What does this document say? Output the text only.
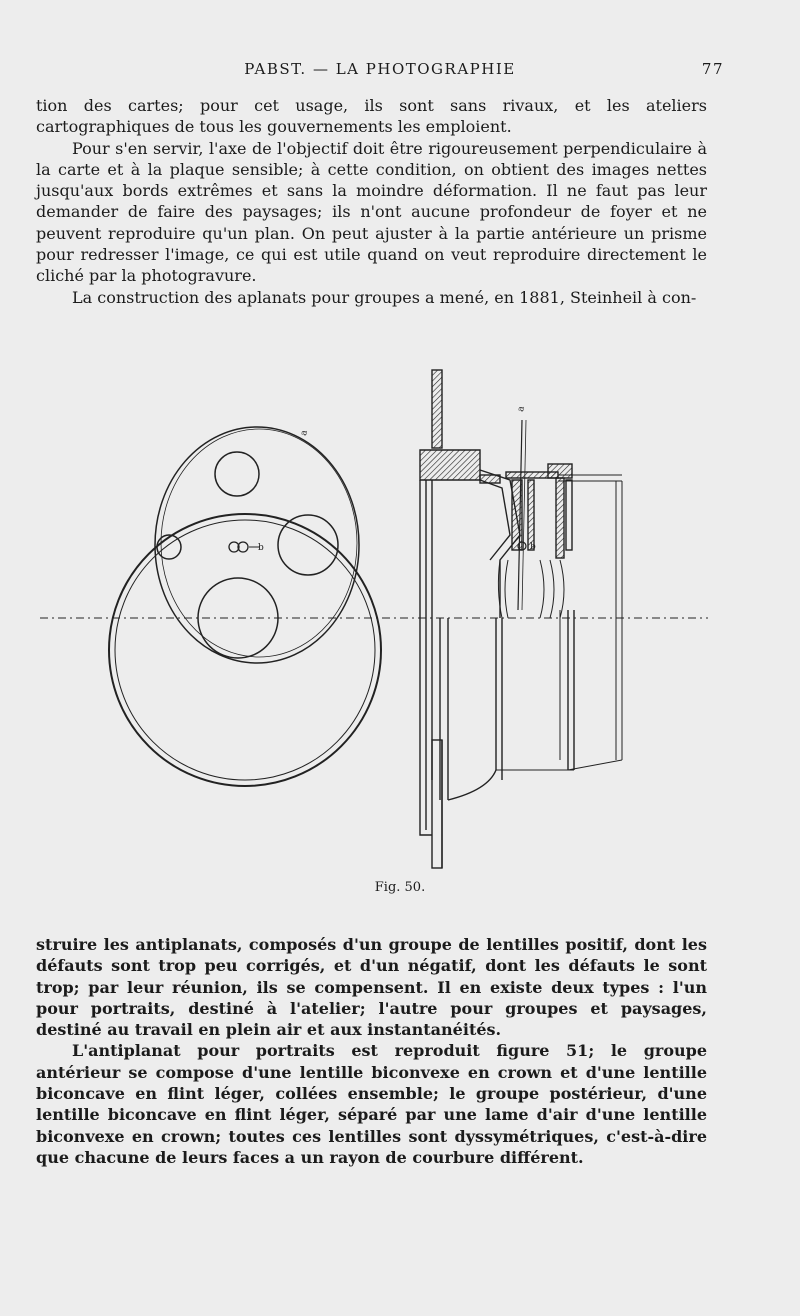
PABST. — LA PHOTOGRAPHIE	77

tion des cartes; pour cet usage, ils sont sans rivaux, et les ateliers cartographiques de tous les gouvernements les emploient.

Pour s'en servir, l'axe de l'objectif doit être rigoureusement perpendiculaire à la carte et à la plaque sensible; à cette condition, on obtient des images nettes jusqu'aux bords extrêmes et sans la moindre déformation. Il ne faut pas leur demander de faire des paysages; ils n'ont aucune profondeur de foyer et ne peuvent reproduire qu'un plan. On peut ajuster à la partie antérieure un prisme pour redresser l'image, ce qui est utile quand on veut reproduire directement le cliché par la photogravure.

La construction des aplanats pour groupes a mené, en 1881, Steinheil à con-

a
b
a
b
Fig. 50.

struire les antiplanats, composés d'un groupe de lentilles positif, dont les défauts sont trop peu corrigés, et d'un négatif, dont les défauts le sont trop; par leur réunion, ils se compensent. Il en existe deux types : l'un pour portraits, destiné à l'atelier; l'autre pour groupes et paysages, destiné au travail en plein air et aux instantanéités.

L'antiplanat pour portraits est reproduit figure 51; le groupe antérieur se compose d'une lentille biconvexe en crown et d'une lentille biconcave en flint léger, collées ensemble; le groupe postérieur, d'une lentille biconcave en flint léger, séparé par une lame d'air d'une lentille biconvexe en crown; toutes ces lentilles sont dyssymétriques, c'est-à-dire que chacune de leurs faces a un rayon de courbure différent.
